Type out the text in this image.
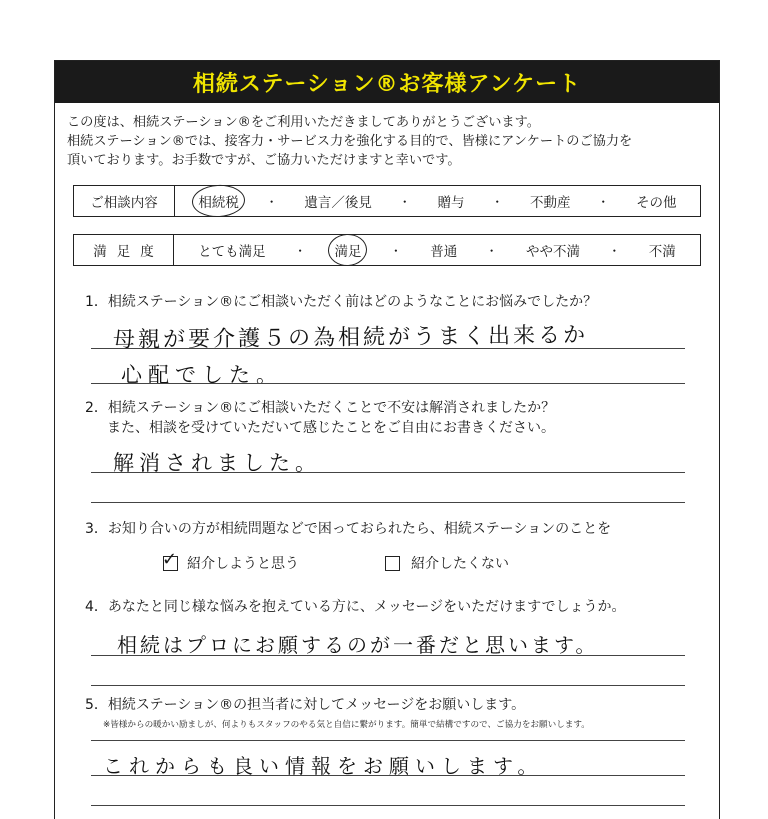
相続ステーション®お客様アンケート
この度は、相続ステーション®をご利用いただきましてありがとうございます。
相続ステーション®では、接客力・サービス力を強化する目的で、皆様にアンケートのご協力を
頂いております。お手数ですが、ご協力いただけますと幸いです。
ご相談内容	相続税 ・ 遺言／後見 ・ 贈与 ・ 不動産 ・ その他
満足度	とても満足 ・ 満足 ・ 普通 ・ やや不満 ・ 不満
1．相続ステーション®にご相談いただく前はどのようなことにお悩みでしたか？
母親が要介護５の為相続がうまく出来るか
心配でした。
2．相続ステーション®にご相談いただくことで不安は解消されましたか？
また、相談を受けていただいて感じたことをご自由にお書きください。
解消されました。
3．お知り合いの方が相続問題などで困っておられたら、相続ステーションのことを
✓ 紹介しようと思う	紹介したくない
4．あなたと同じ様な悩みを抱えている方に、メッセージをいただけますでしょうか。
相続はプロにお願するのが一番だと思います。
5．相続ステーション®の担当者に対してメッセージをお願いします。
※皆様からの暖かい励ましが、何よりもスタッフのやる気と自信に繋がります。簡単で結構ですので、ご協力をお願いします。
これからも良い情報をお願いします。
